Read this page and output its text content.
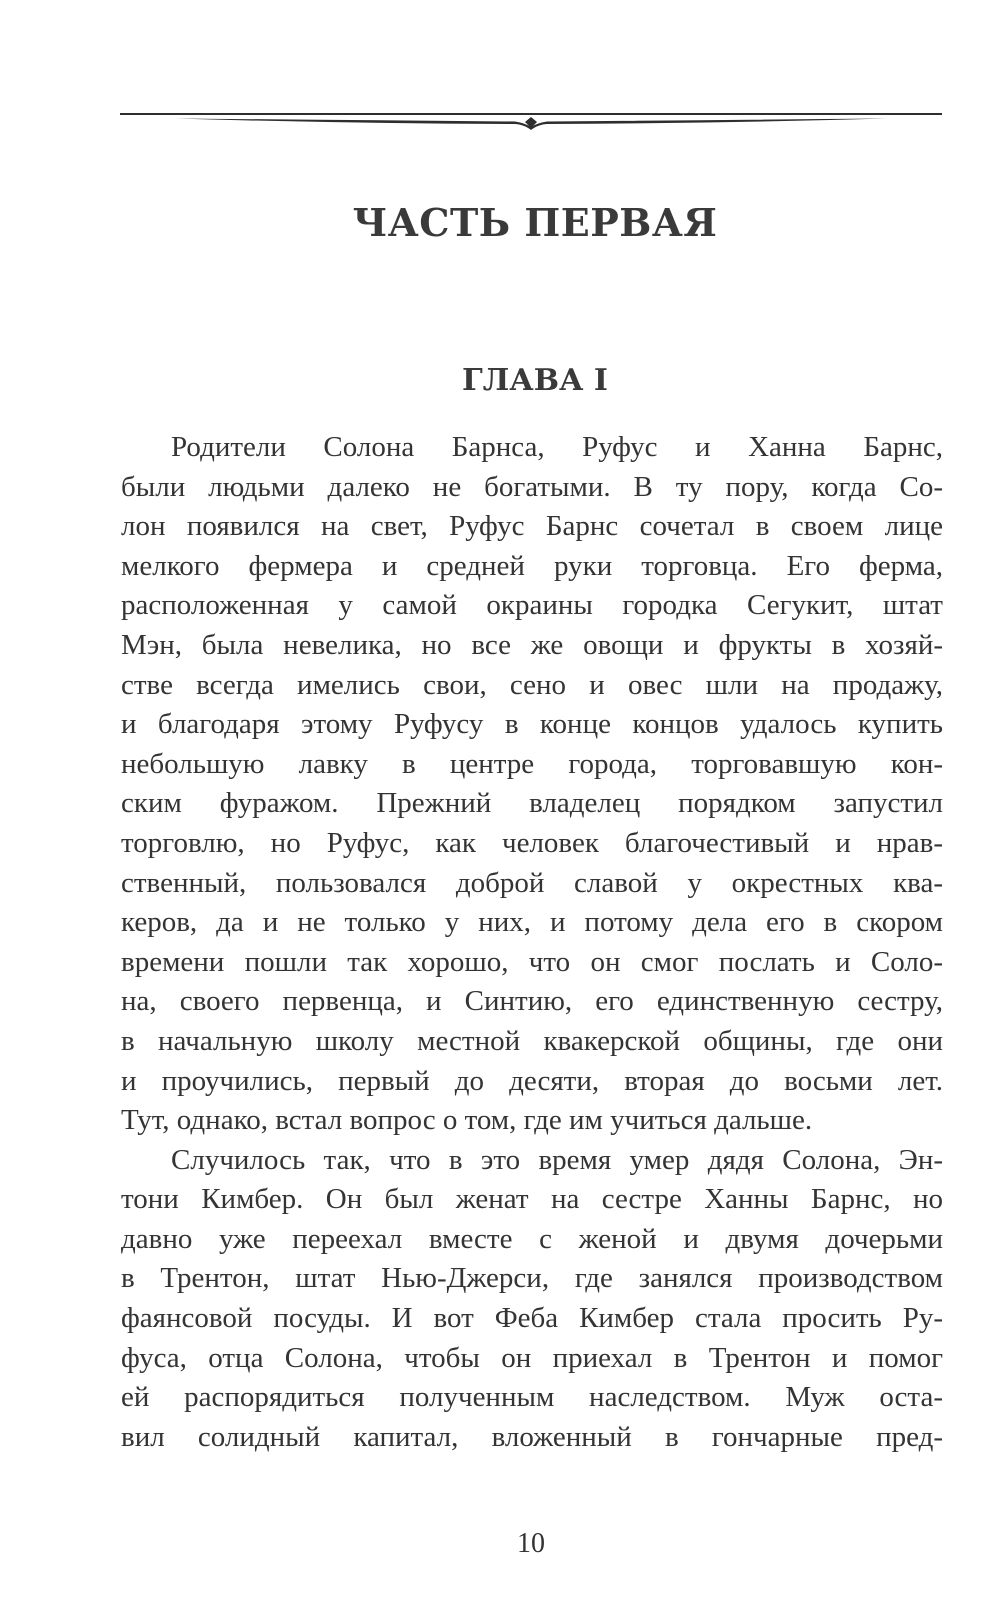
ЧАСТЬ ПЕРВАЯ
ГЛАВА I

Родители Солона Барнса, Руфус и Ханна Барнс,
были людьми далеко не богатыми. В ту пору, когда Со-
лон появился на свет, Руфус Барнс сочетал в своем лице
мелкого фермера и средней руки торговца. Его ферма,
расположенная у самой окраины городка Сегукит, штат
Мэн, была невелика, но все же овощи и фрукты в хозяй-
стве всегда имелись свои, сено и овес шли на продажу,
и благодаря этому Руфусу в конце концов удалось купить
небольшую лавку в центре города, торговавшую кон-
ским фуражом. Прежний владелец порядком запустил
торговлю, но Руфус, как человек благочестивый и нрав-
ственный, пользовался доброй славой у окрестных ква-
керов, да и не только у них, и потому дела его в скором
времени пошли так хорошо, что он смог послать и Соло-
на, своего первенца, и Синтию, его единственную сестру,
в начальную школу местной квакерской общины, где они
и проучились, первый до десяти, вторая до восьми лет.
Тут, однако, встал вопрос о том, где им учиться дальше.

Случилось так, что в это время умер дядя Солона, Эн-
тони Кимбер. Он был женат на сестре Ханны Барнс, но
давно уже переехал вместе с женой и двумя дочерьми
в Трентон, штат Нью-Джерси, где занялся производством
фаянсовой посуды. И вот Феба Кимбер стала просить Ру-
фуса, отца Солона, чтобы он приехал в Трентон и помог
ей распорядиться полученным наследством. Муж оста-
вил солидный капитал, вложенный в гончарные пред-

10
